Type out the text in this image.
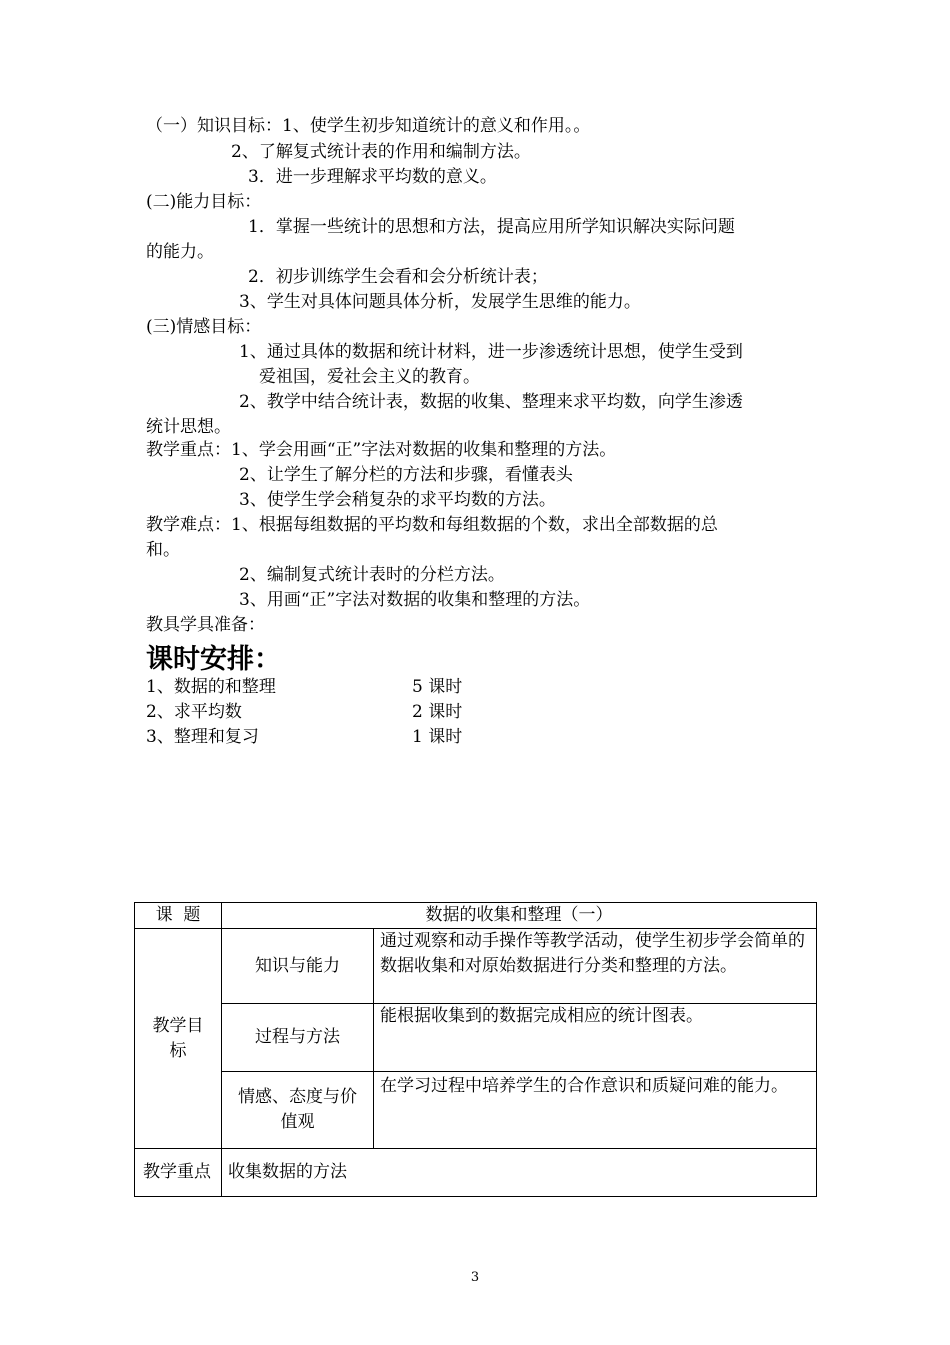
（一）知识目标：1、使学生初步知道统计的意义和作用。。
2、了解复式统计表的作用和编制方法。
3．进一步理解求平均数的意义。
(二)能力目标：
1．掌握一些统计的思想和方法，提高应用所学知识解决实际问题
的能力。
2．初步训练学生会看和会分析统计表；
3、学生对具体问题具体分析，发展学生思维的能力。
(三)情感目标：
1、通过具体的数据和统计材料，进一步渗透统计思想，使学生受到
爱祖国，爱社会主义的教育。
2、教学中结合统计表，数据的收集、整理来求平均数，向学生渗透
统计思想。
教学重点：1、学会用画“正”字法对数据的收集和整理的方法。
2、让学生了解分栏的方法和步骤，看懂表头
3、使学生学会稍复杂的求平均数的方法。
教学难点：1、根据每组数据的平均数和每组数据的个数，求出全部数据的总
和。
2、编制复式统计表时的分栏方法。
3、用画“正”字法对数据的收集和整理的方法。
教具学具准备：
课时安排：
1、数据的和整理	5 课时
2、求平均数	2 课时
3、整理和复习	1 课时
课  题	数据的收集和整理（一）	
教学目标	知识与能力	通过观察和动手操作等教学活动，使学生初步学会简单的数据收集和对原始数据进行分类和整理的方法。
	过程与方法	能根据收集到的数据完成相应的统计图表。
	情感、态度与价值观	在学习过程中培养学生的合作意识和质疑问难的能力。
教学重点	收集数据的方法	
3
